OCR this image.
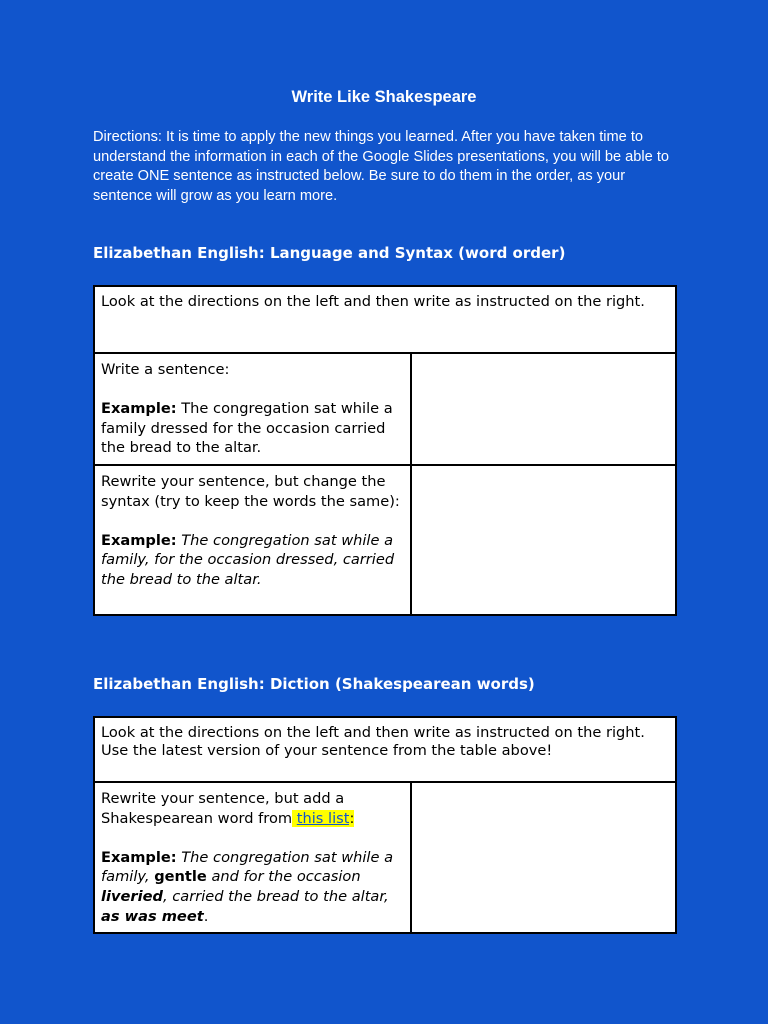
Write Like Shakespeare
Directions: It is time to apply the new things you learned. After you have taken time to understand the information in each of the Google Slides presentations, you will be able to create ONE sentence as instructed below. Be sure to do them in the order, as your sentence will grow as you learn more.
Elizabethan English: Language and Syntax (word order)
Look at the directions on the left and then write as instructed on the right.	
Write a sentence:
Example: The congregation sat while a family dressed for the occasion carried the bread to the altar.	
Rewrite your sentence, but change the syntax (try to keep the words the same):
Example: The congregation sat while a family, for the occasion dressed, carried the bread to the altar.	
Elizabethan English: Diction (Shakespearean words)
Look at the directions on the left and then write as instructed on the right. Use the latest version of your sentence from the table above!
Rewrite your sentence, but add a Shakespearean word from this list:
Example: The congregation sat while a family, gentle and for the occasion liveried, carried the bread to the altar, as was meet.	
